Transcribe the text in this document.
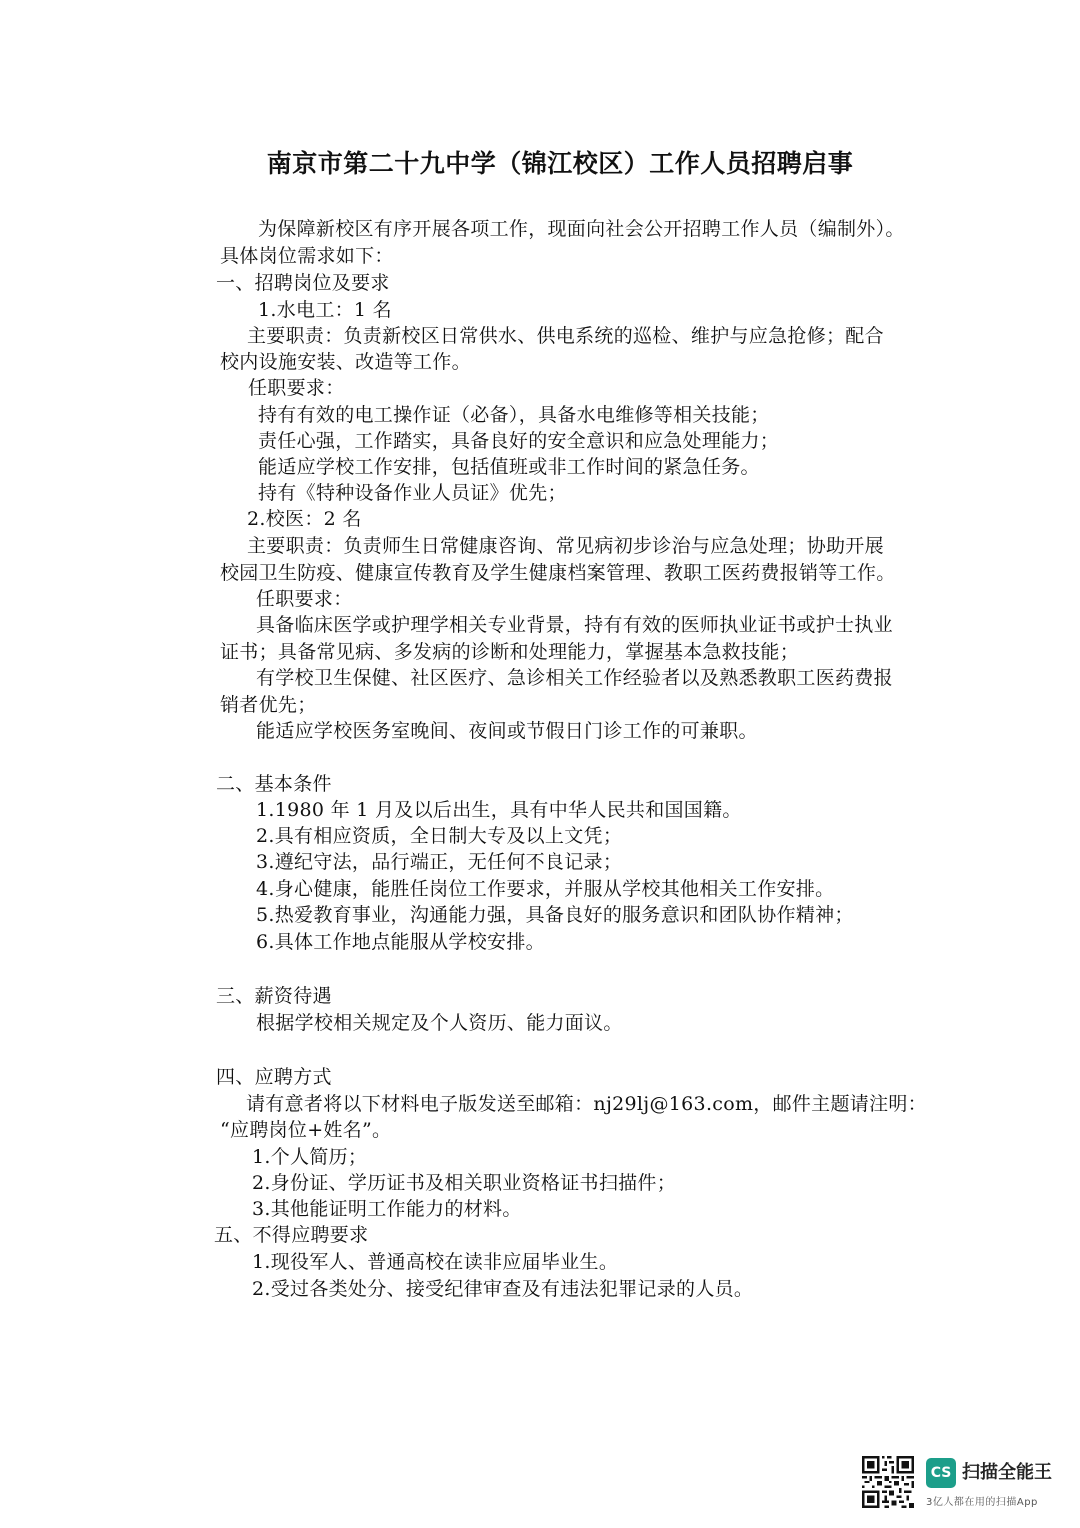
南京市第二十九中学（锦江校区）工作人员招聘启事
为保障新校区有序开展各项工作，现面向社会公开招聘工作人员（编制外）。
具体岗位需求如下：
一、招聘岗位及要求
1.水电工：1 名
主要职责：负责新校区日常供水、供电系统的巡检、维护与应急抢修；配合
校内设施安装、改造等工作。
任职要求：
持有有效的电工操作证（必备），具备水电维修等相关技能；
责任心强，工作踏实，具备良好的安全意识和应急处理能力；
能适应学校工作安排，包括值班或非工作时间的紧急任务。
持有《特种设备作业人员证》优先；
2.校医：2 名
主要职责：负责师生日常健康咨询、常见病初步诊治与应急处理；协助开展
校园卫生防疫、健康宣传教育及学生健康档案管理、教职工医药费报销等工作。
任职要求：
具备临床医学或护理学相关专业背景，持有有效的医师执业证书或护士执业
证书；具备常见病、多发病的诊断和处理能力，掌握基本急救技能；
有学校卫生保健、社区医疗、急诊相关工作经验者以及熟悉教职工医药费报
销者优先；
能适应学校医务室晚间、夜间或节假日门诊工作的可兼职。
二、基本条件
1.1980 年 1 月及以后出生，具有中华人民共和国国籍。
2.具有相应资质，全日制大专及以上文凭；
3.遵纪守法，品行端正，无任何不良记录；
4.身心健康，能胜任岗位工作要求，并服从学校其他相关工作安排。
5.热爱教育事业，沟通能力强，具备良好的服务意识和团队协作精神；
6.具体工作地点能服从学校安排。
三、薪资待遇
根据学校相关规定及个人资历、能力面议。
四、应聘方式
请有意者将以下材料电子版发送至邮箱：nj29lj@163.com，邮件主题请注明：
“应聘岗位+姓名”。
1.个人简历；
2.身份证、学历证书及相关职业资格证书扫描件；
3.其他能证明工作能力的材料。
五、不得应聘要求
1.现役军人、普通高校在读非应届毕业生。
2.受过各类处分、接受纪律审查及有违法犯罪记录的人员。
CS 扫描全能王
3亿人都在用的扫描App
